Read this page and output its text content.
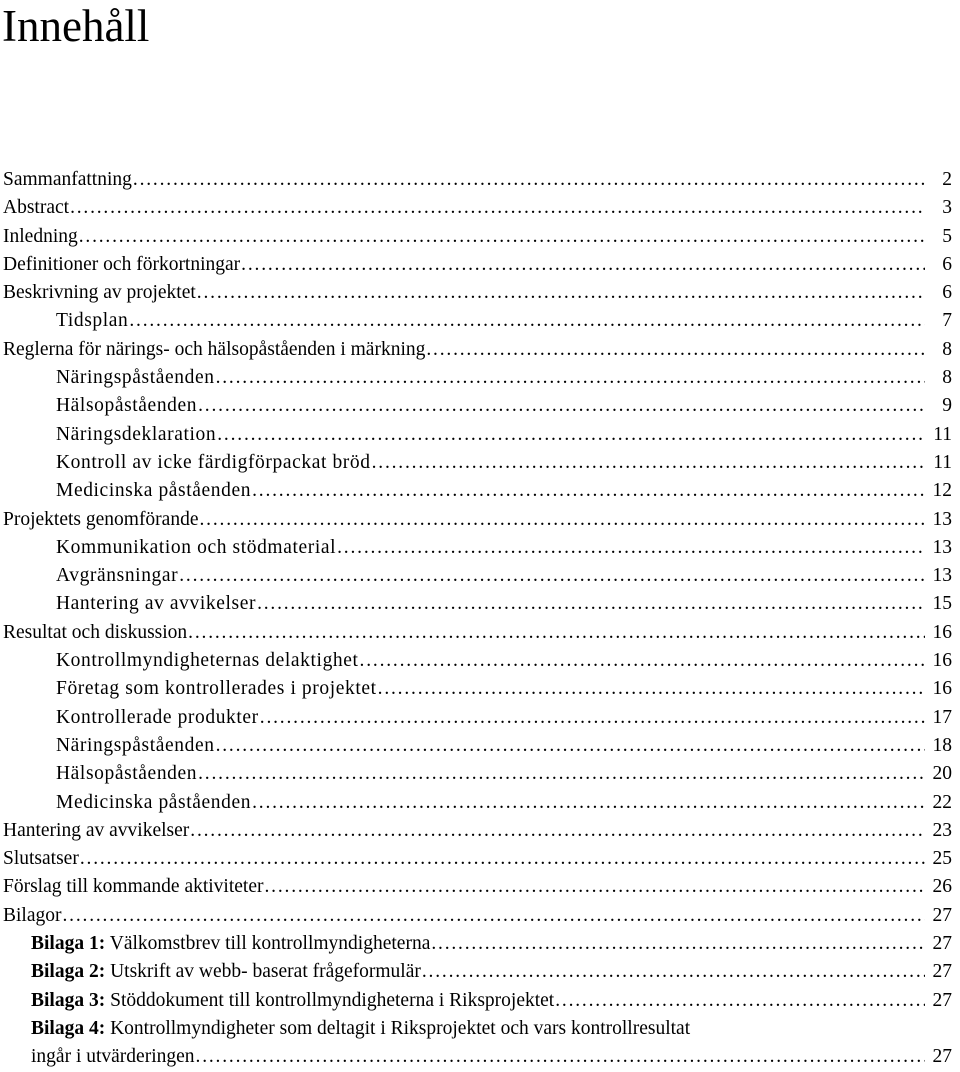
Innehåll
Sammanfattning .....	2
Abstract .....	3
Inledning .....	5
Definitioner och förkortningar .....	6
Beskrivning av projektet .....	6
Tidsplan .....	7
Reglerna för närings- och hälsopåståenden i märkning .....	8
Näringspåståenden .....	8
Hälsopåståenden .....	9
Näringsdeklaration .....	11
Kontroll av icke färdigförpackat bröd .....	11
Medicinska påståenden .....	12
Projektets genomförande .....	13
Kommunikation och stödmaterial .....	13
Avgränsningar .....	13
Hantering av avvikelser .....	15
Resultat och diskussion .....	16
Kontrollmyndigheternas delaktighet .....	16
Företag som kontrollerades i projektet .....	16
Kontrollerade produkter .....	17
Näringspåståenden .....	18
Hälsopåståenden .....	20
Medicinska påståenden .....	22
Hantering av avvikelser .....	23
Slutsatser .....	25
Förslag till kommande aktiviteter .....	26
Bilagor .....	27
Bilaga 1: Välkomstbrev till kontrollmyndigheterna .....	27
Bilaga 2: Utskrift av webb- baserat frågeformulär .....	27
Bilaga 3: Stöddokument till kontrollmyndigheterna i Riksprojektet .....	27
Bilaga 4: Kontrollmyndigheter som deltagit i Riksprojektet och vars kontrollresultat
ingår i utvärderingen .....	27
